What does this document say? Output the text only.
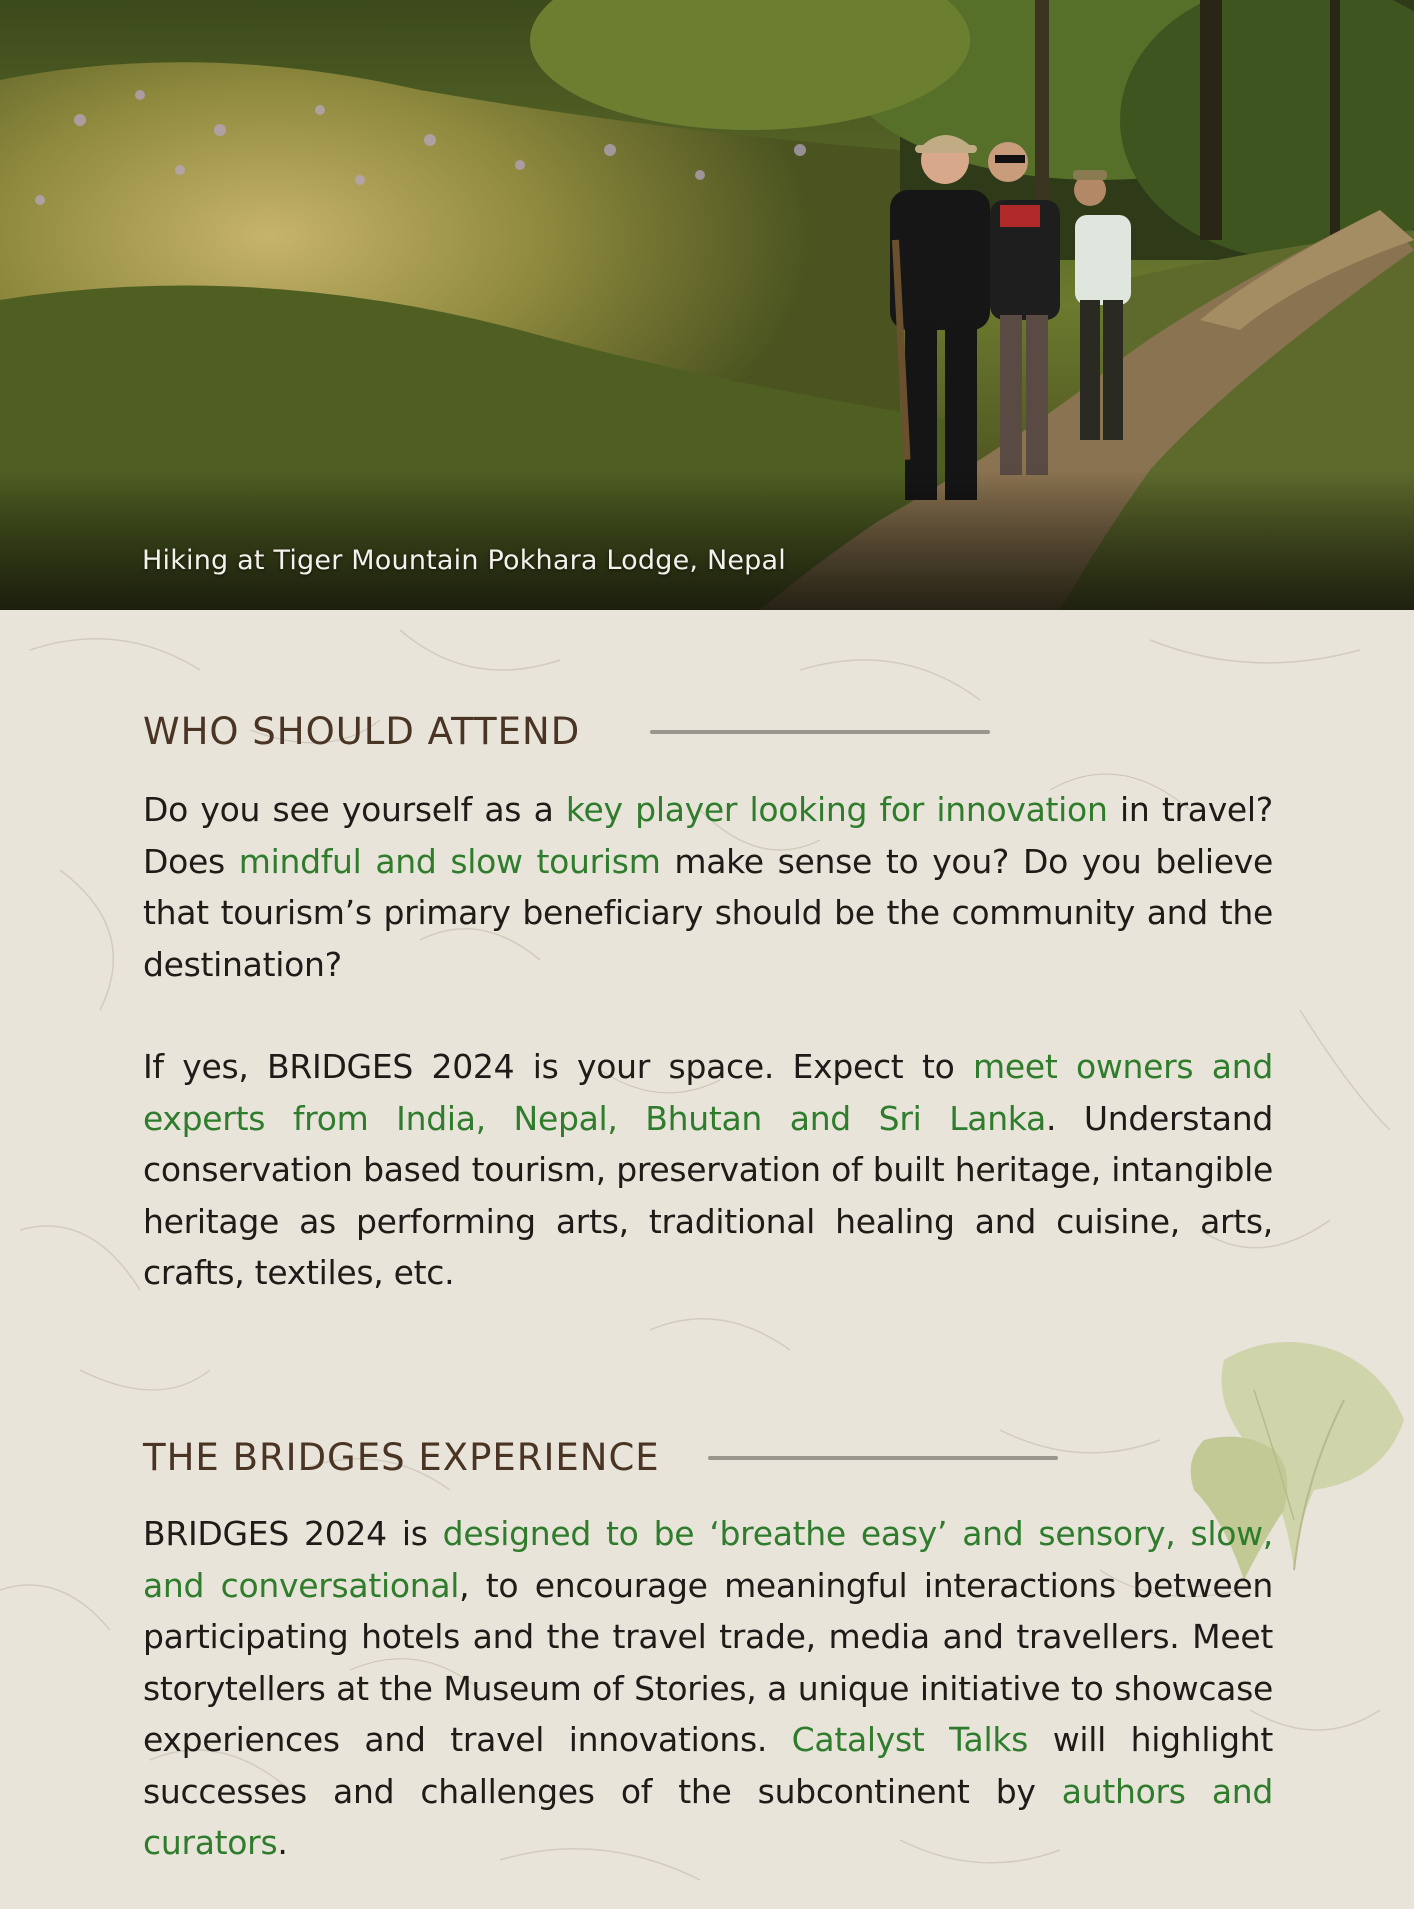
Hiking at Tiger Mountain Pokhara Lodge, Nepal
WHO SHOULD ATTEND

Do you see yourself as a key player looking for innovation in travel? Does mindful and slow tourism make sense to you? Do you believe that tourism’s primary beneficiary should be the community and the destination?

If yes, BRIDGES 2024 is your space. Expect to meet owners and experts from India, Nepal, Bhutan and Sri Lanka. Understand conservation based tourism, preservation of built heritage, intangible heritage as performing arts, traditional healing and cuisine, arts, crafts, textiles, etc.

THE BRIDGES EXPERIENCE

BRIDGES 2024 is designed to be ‘breathe easy’ and sensory, slow, and conversational, to encourage meaningful interactions between participating hotels and the travel trade, media and travellers. Meet storytellers at the Museum of Stories, a unique initiative to showcase experiences and travel innovations. Catalyst Talks will highlight successes and challenges of the subcontinent by authors and curators.
